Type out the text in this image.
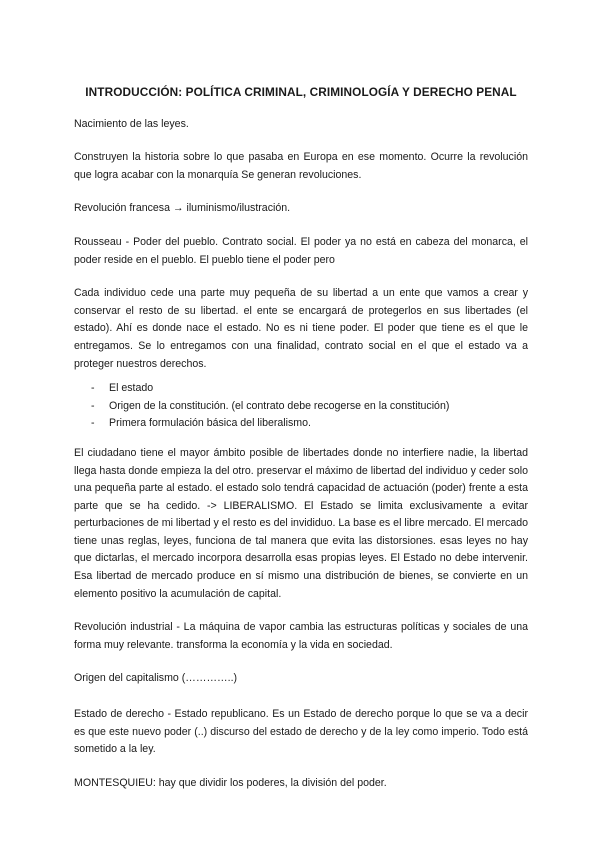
INTRODUCCIÓN: POLÍTICA CRIMINAL, CRIMINOLOGÍA Y DERECHO PENAL

Nacimiento de las leyes.

Construyen la historia sobre lo que pasaba en Europa en ese momento. Ocurre la revolución que logra acabar con la monarquía Se generan revoluciones.

Revolución francesa → iluminismo/ilustración.

Rousseau - Poder del pueblo. Contrato social. El poder ya no está en cabeza del monarca, el poder reside en el pueblo. El pueblo tiene el poder pero

Cada individuo cede una parte muy pequeña de su libertad a un ente que vamos a crear y conservar el resto de su libertad. el ente se encargará de protegerlos en sus libertades (el estado). Ahí es donde nace el estado. No es ni tiene poder. El poder que tiene es el que le entregamos. Se lo entregamos con una finalidad, contrato social en el que el estado va a proteger nuestros derechos.

- El estado
- Origen de la constitución. (el contrato debe recogerse en la constitución)
- Primera formulación básica del liberalismo.

El ciudadano tiene el mayor ámbito posible de libertades donde no interfiere nadie, la libertad llega hasta donde empieza la del otro. preservar el máximo de libertad del individuo y ceder solo una pequeña parte al estado. el estado solo tendrá capacidad de actuación (poder) frente a esta parte que se ha cedido. -> LIBERALISMO. El Estado se limita exclusivamente a evitar perturbaciones de mi libertad y el resto es del invididuo. La base es el libre mercado. El mercado tiene unas reglas, leyes, funciona de tal manera que evita las distorsiones. esas leyes no hay que dictarlas, el mercado incorpora desarrolla esas propias leyes. El Estado no debe intervenir. Esa libertad de mercado produce en sí mismo una distribución de bienes, se convierte en un elemento positivo la acumulación de capital.

Revolución industrial - La máquina de vapor cambia las estructuras políticas y sociales de una forma muy relevante. transforma la economía y la vida en sociedad.

Origen del capitalismo (…………..)

Estado de derecho - Estado republicano. Es un Estado de derecho porque lo que se va a decir es que este nuevo poder (..) discurso del estado de derecho y de la ley como imperio. Todo está sometido a la ley.

MONTESQUIEU: hay que dividir los poderes, la división del poder.
